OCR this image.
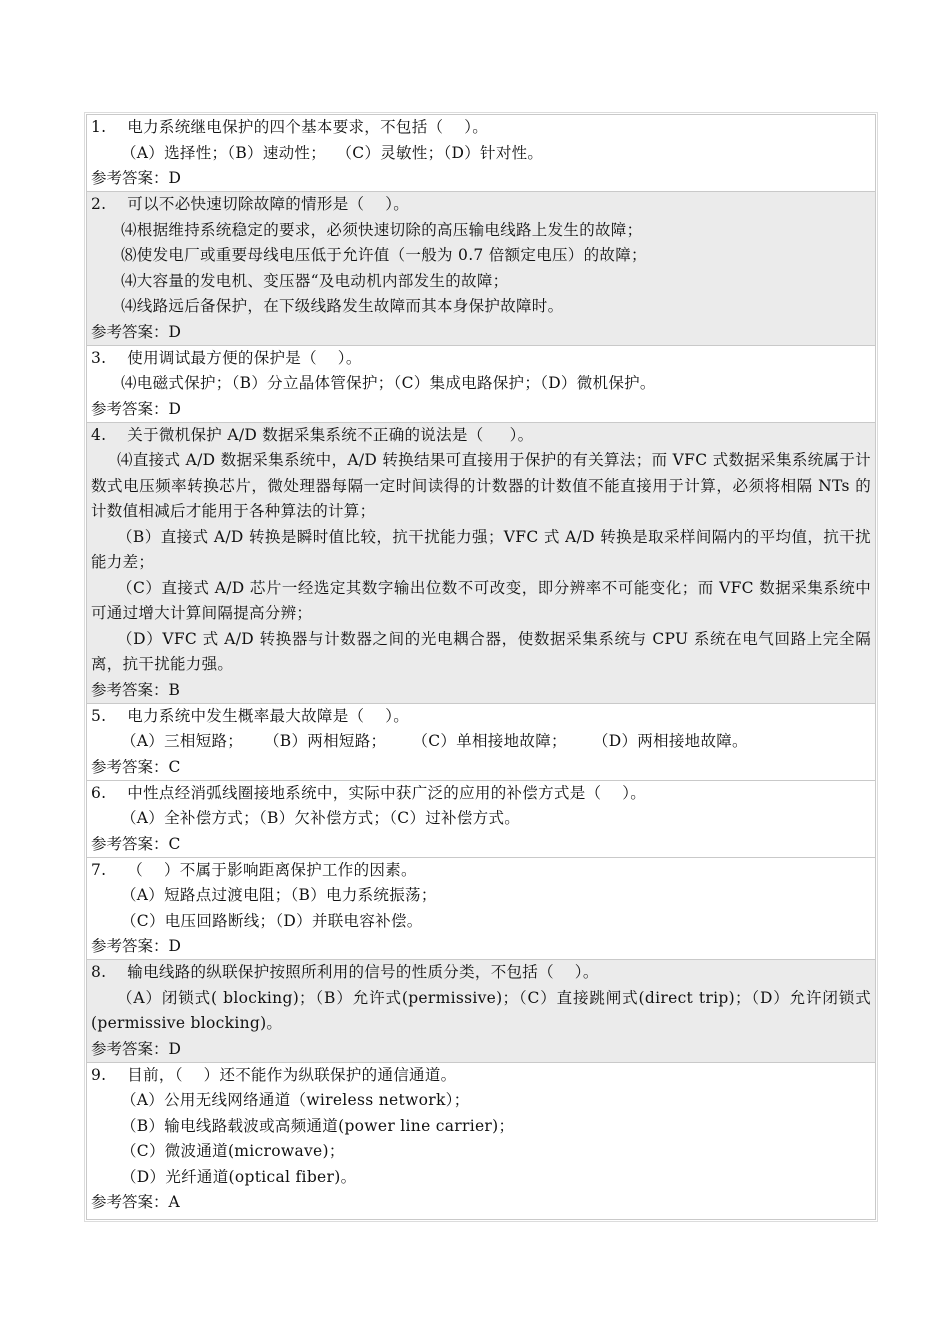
1.    电力系统继电保护的四个基本要求，不包括（    ）。
（A）选择性；（B）速动性；  （C）灵敏性；（D）针对性。
参考答案：D
2.    可以不必快速切除故障的情形是（    ）。
⑷根据维持系统稳定的要求，必须快速切除的高压输电线路上发生的故障；
⑻使发电厂或重要母线电压低于允许值（一般为 0.7 倍额定电压）的故障；
⑷大容量的发电机、变压器“及电动机内部发生的故障；
⑷线路远后备保护，在下级线路发生故障而其本身保护故障时。
参考答案：D
3.    使用调试最方便的保护是（    ）。
⑷电磁式保护；（B）分立晶体管保护；（C）集成电路保护；（D）微机保护。
参考答案：D
4.    关于微机保护 A/D 数据采集系统不正确的说法是（     ）。
⑷直接式 A/D 数据采集系统中，A/D 转换结果可直接用于保护的有关算法；而 VFC 式数据采集系统属于计数式电压频率转换芯片，微处理器每隔一定时间读得的计数器的计数值不能直接用于计算，必须将相隔 NTs 的计数值相减后才能用于各种算法的计算；
（B）直接式 A/D 转换是瞬时值比较，抗干扰能力强；VFC 式 A/D 转换是取采样间隔内的平均值，抗干扰能力差；
（C）直接式 A/D 芯片一经选定其数字输出位数不可改变，即分辨率不可能变化；而 VFC 数据采集系统中可通过增大计算间隔提高分辨；
（D）VFC 式 A/D 转换器与计数器之间的光电耦合器，使数据采集系统与 CPU 系统在电气回路上完全隔离，抗干扰能力强。
参考答案：B
5.    电力系统中发生概率最大故障是（    ）。
（A）三相短路；    （B）两相短路；     （C）单相接地故障；     （D）两相接地故障。
参考答案：C
6.    中性点经消弧线圈接地系统中，实际中获广泛的应用的补偿方式是（    ）。
（A）全补偿方式；（B）欠补偿方式；（C）过补偿方式。
参考答案：C
7.    （    ）不属于影响距离保护工作的因素。
（A）短路点过渡电阻；（B）电力系统振荡；
（C）电压回路断线；（D）并联电容补偿。
参考答案：D
8.    输电线路的纵联保护按照所利用的信号的性质分类，不包括（    ）。
（A）闭锁式( blocking)；（B）允许式(permissive)；（C）直接跳闸式(direct trip)；（D）允许闭锁式(permissive blocking)。
参考答案：D
9.    目前，（    ）还不能作为纵联保护的通信通道。
（A）公用无线网络通道（wireless network）；
（B）输电线路载波或高频通道(power line carrier)；
（C）微波通道(microwave)；
（D）光纤通道(optical fiber)。
参考答案：A
